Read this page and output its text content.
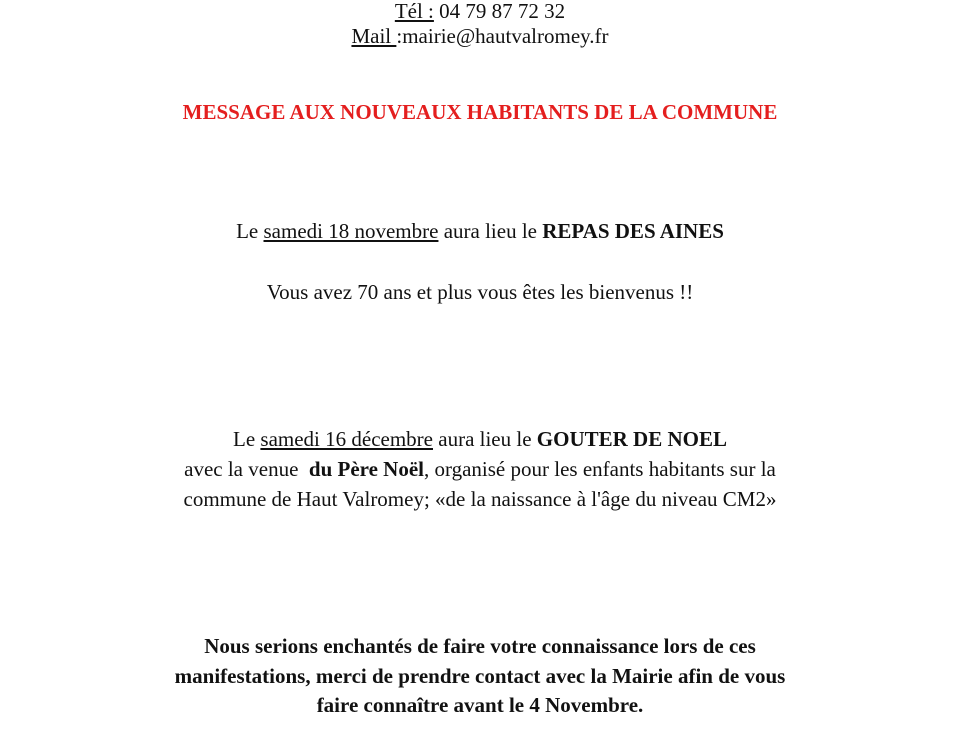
Tél : 04 79 87 72 32
Mail :mairie@hautvalromey.fr
MESSAGE AUX NOUVEAUX HABITANTS DE LA COMMUNE
Le samedi 18 novembre aura lieu le REPAS DES AINES
Vous avez 70 ans et plus vous êtes les bienvenus !!
Le samedi 16 décembre aura lieu le GOUTER DE NOEL
avec la venue  du Père Noël, organisé pour les enfants habitants sur la
commune de Haut Valromey; «de la naissance à l'âge du niveau CM2»
Nous serions enchantés de faire votre connaissance lors de ces
manifestations, merci de prendre contact avec la Mairie afin de vous
faire connaître avant le 4 Novembre.
